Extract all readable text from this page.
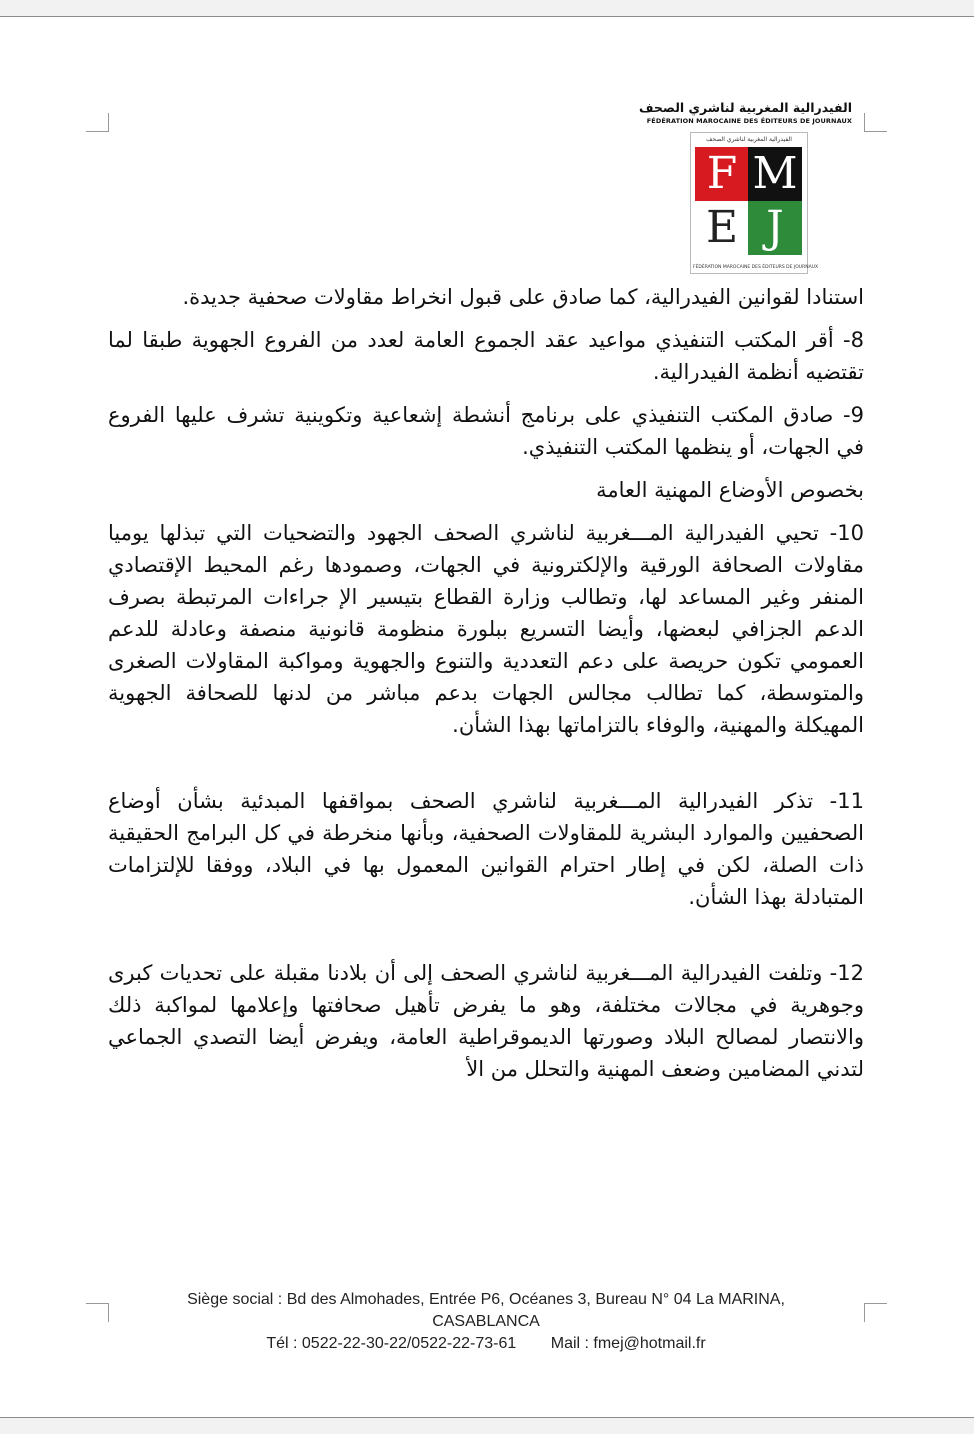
الفيدرالية المغربية لناشري الصحف
FÉDÉRATION MAROCAINE DES ÉDITEURS DE JOURNAUX
الفيدرالية المغربية لناشري الصحف
F M
E J
FÉDÉRATION MAROCAINE DES ÉDITEURS DE JOURNAUX

استنادا لقوانين الفيدرالية، كما صادق على قبول انخراط مقاولات صحفية جديدة.

8- أقر المكتب التنفيذي مواعيد عقد الجموع العامة لعدد من الفروع الجهوية طبقا لما تقتضيه أنظمة الفيدرالية.

9- صادق المكتب التنفيذي على برنامج أنشطة إشعاعية وتكوينية تشرف عليها الفروع في الجهات، أو ينظمها المكتب التنفيذي.

بخصوص الأوضاع المهنية العامة

10- تحيي الفيدرالية المـــغربية لناشري الصحف الجهود والتضحيات التي تبذلها يوميا مقاولات الصحافة الورقية والإلكترونية في الجهات، وصمودها رغم المحيط الإقتصادي المنفر وغير المساعد لها، وتطالب وزارة القطاع بتيسير الإ جراءات المرتبطة بصرف الدعم الجزافي لبعضها، وأيضا التسريع ببلورة منظومة قانونية منصفة وعادلة للدعم العمومي تكون حريصة على دعم التعددية والتنوع والجهوية ومواكبة المقاولات الصغرى والمتوسطة، كما تطالب مجالس الجهات بدعم مباشر من لدنها للصحافة الجهوية المهيكلة والمهنية، والوفاء بالتزاماتها بهذا الشأن.

11- تذكر الفيدرالية المـــغربية لناشري الصحف بمواقفها المبدئية بشأن أوضاع الصحفيين والموارد البشرية للمقاولات الصحفية، وبأنها منخرطة في كل البرامج الحقيقية ذات الصلة، لكن في إطار احترام القوانين المعمول بها في البلاد، ووفقا للإلتزامات المتبادلة بهذا الشأن.

12- وتلفت الفيدرالية المـــغربية لناشري الصحف إلى أن بلادنا مقبلة على تحديات كبرى وجوهرية في مجالات مختلفة، وهو ما يفرض تأهيل صحافتها وإعلامها لمواكبة ذلك والانتصار لمصالح البلاد وصورتها الديموقراطية العامة، ويفرض أيضا التصدي الجماعي لتدني المضامين وضعف المهنية والتحلل من الأ

Siège social : Bd des Almohades, Entrée P6, Océanes 3, Bureau N° 04 La MARINA,
CASABLANCA
Tél : 0522-22-30-22/0522-22-73-61 Mail : fmej@hotmail.fr
